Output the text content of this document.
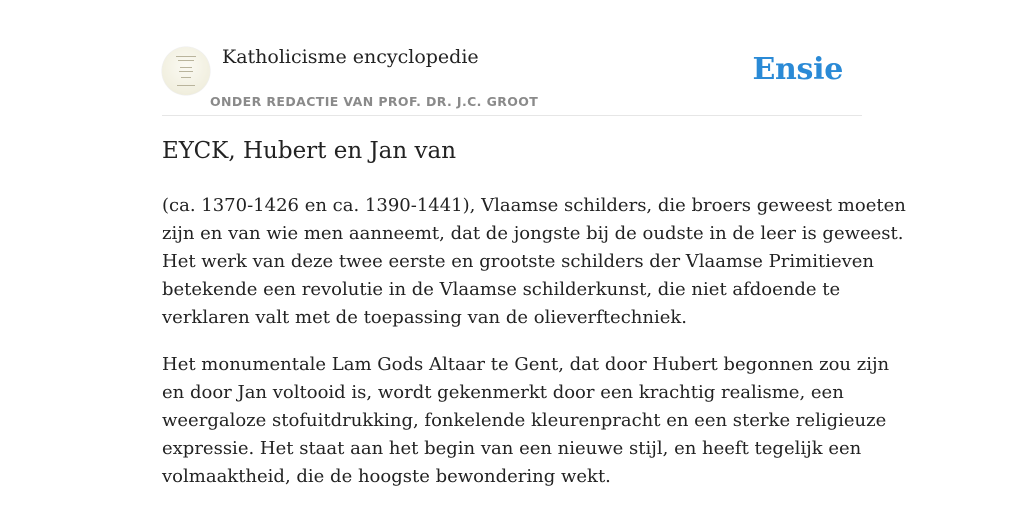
Katholicisme encyclopedie
ONDER REDACTIE VAN PROF. DR. J.C. GROOT
Ensie
EYCK, Hubert en Jan van

(ca. 1370-1426 en ca. 1390-1441), Vlaamse schilders, die broers geweest moeten
zijn en van wie men aanneemt, dat de jongste bij de oudste in de leer is geweest.
Het werk van deze twee eerste en grootste schilders der Vlaamse Primitieven
betekende een revolutie in de Vlaamse schilderkunst, die niet afdoende te
verklaren valt met de toepassing van de olieverftechniek.

Het monumentale Lam Gods Altaar te Gent, dat door Hubert begonnen zou zijn
en door Jan voltooid is, wordt gekenmerkt door een krachtig realisme, een
weergaloze stofuitdrukking, fonkelende kleurenpracht en een sterke religieuze
expressie. Het staat aan het begin van een nieuwe stijl, en heeft tegelijk een
volmaaktheid, die de hoogste bewondering wekt.
